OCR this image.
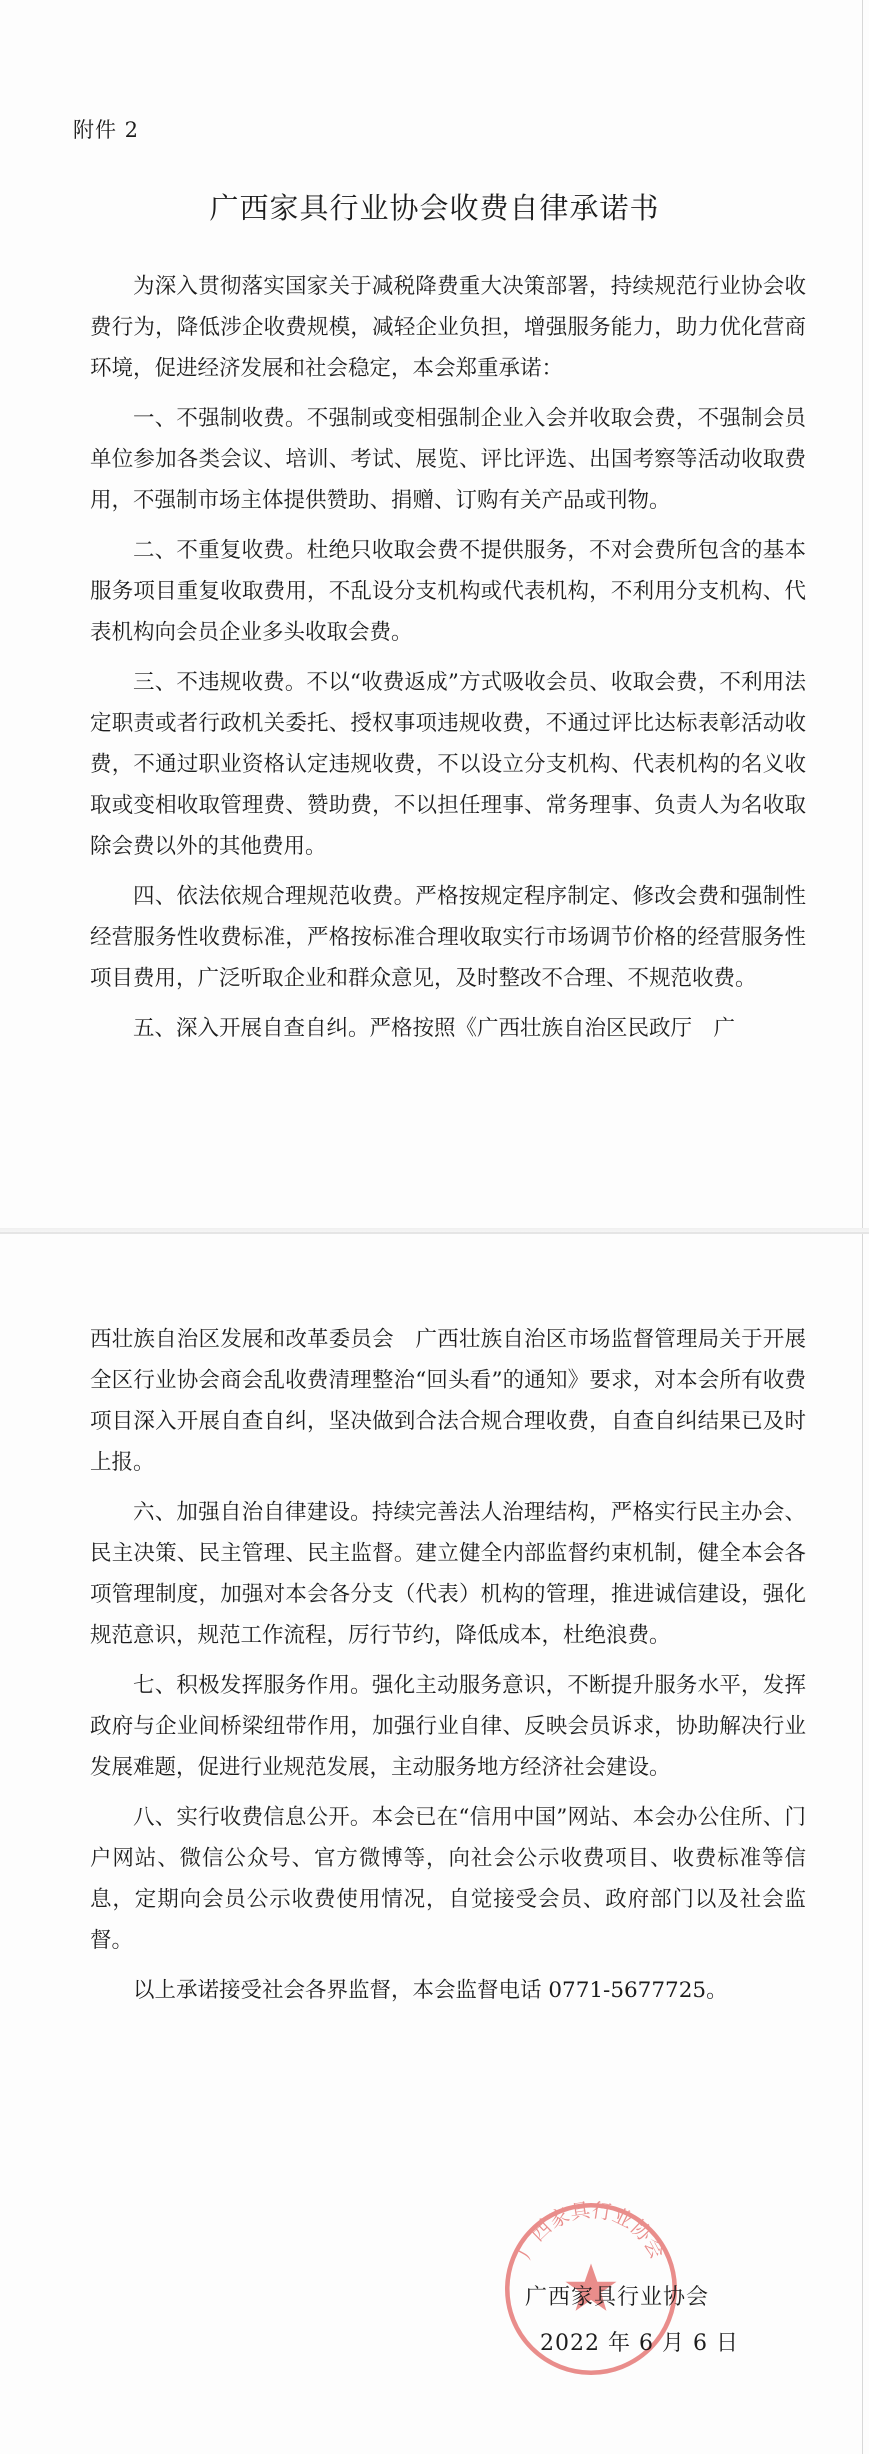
附件 2
广西家具行业协会收费自律承诺书

为深入贯彻落实国家关于减税降费重大决策部署，持续规范行业协会收费行为，降低涉企收费规模，减轻企业负担，增强服务能力，助力优化营商环境，促进经济发展和社会稳定，本会郑重承诺：

一、不强制收费。不强制或变相强制企业入会并收取会费，不强制会员单位参加各类会议、培训、考试、展览、评比评选、出国考察等活动收取费用，不强制市场主体提供赞助、捐赠、订购有关产品或刊物。

二、不重复收费。杜绝只收取会费不提供服务，不对会费所包含的基本服务项目重复收取费用，不乱设分支机构或代表机构，不利用分支机构、代表机构向会员企业多头收取会费。

三、不违规收费。不以“收费返成”方式吸收会员、收取会费，不利用法定职责或者行政机关委托、授权事项违规收费，不通过评比达标表彰活动收费，不通过职业资格认定违规收费，不以设立分支机构、代表机构的名义收取或变相收取管理费、赞助费，不以担任理事、常务理事、负责人为名收取除会费以外的其他费用。

四、依法依规合理规范收费。严格按规定程序制定、修改会费和强制性经营服务性收费标准，严格按标准合理收取实行市场调节价格的经营服务性项目费用，广泛听取企业和群众意见，及时整改不合理、不规范收费。

五、深入开展自查自纠。严格按照《广西壮族自治区民政厅　广

西壮族自治区发展和改革委员会　广西壮族自治区市场监督管理局关于开展全区行业协会商会乱收费清理整治“回头看”的通知》要求，对本会所有收费项目深入开展自查自纠，坚决做到合法合规合理收费，自查自纠结果已及时上报。

六、加强自治自律建设。持续完善法人治理结构，严格实行民主办会、民主决策、民主管理、民主监督。建立健全内部监督约束机制，健全本会各项管理制度，加强对本会各分支（代表）机构的管理，推进诚信建设，强化规范意识，规范工作流程，厉行节约，降低成本，杜绝浪费。

七、积极发挥服务作用。强化主动服务意识，不断提升服务水平，发挥政府与企业间桥梁纽带作用，加强行业自律、反映会员诉求，协助解决行业发展难题，促进行业规范发展，主动服务地方经济社会建设。

八、实行收费信息公开。本会已在“信用中国”网站、本会办公住所、门户网站、微信公众号、官方微博等，向社会公示收费项目、收费标准等信息，定期向会员公示收费使用情况，自觉接受会员、政府部门以及社会监督。

以上承诺接受社会各界监督，本会监督电话 0771-5677725。

广西家具行业协会
广西家具行业协会
2022 年 6 月 6 日
